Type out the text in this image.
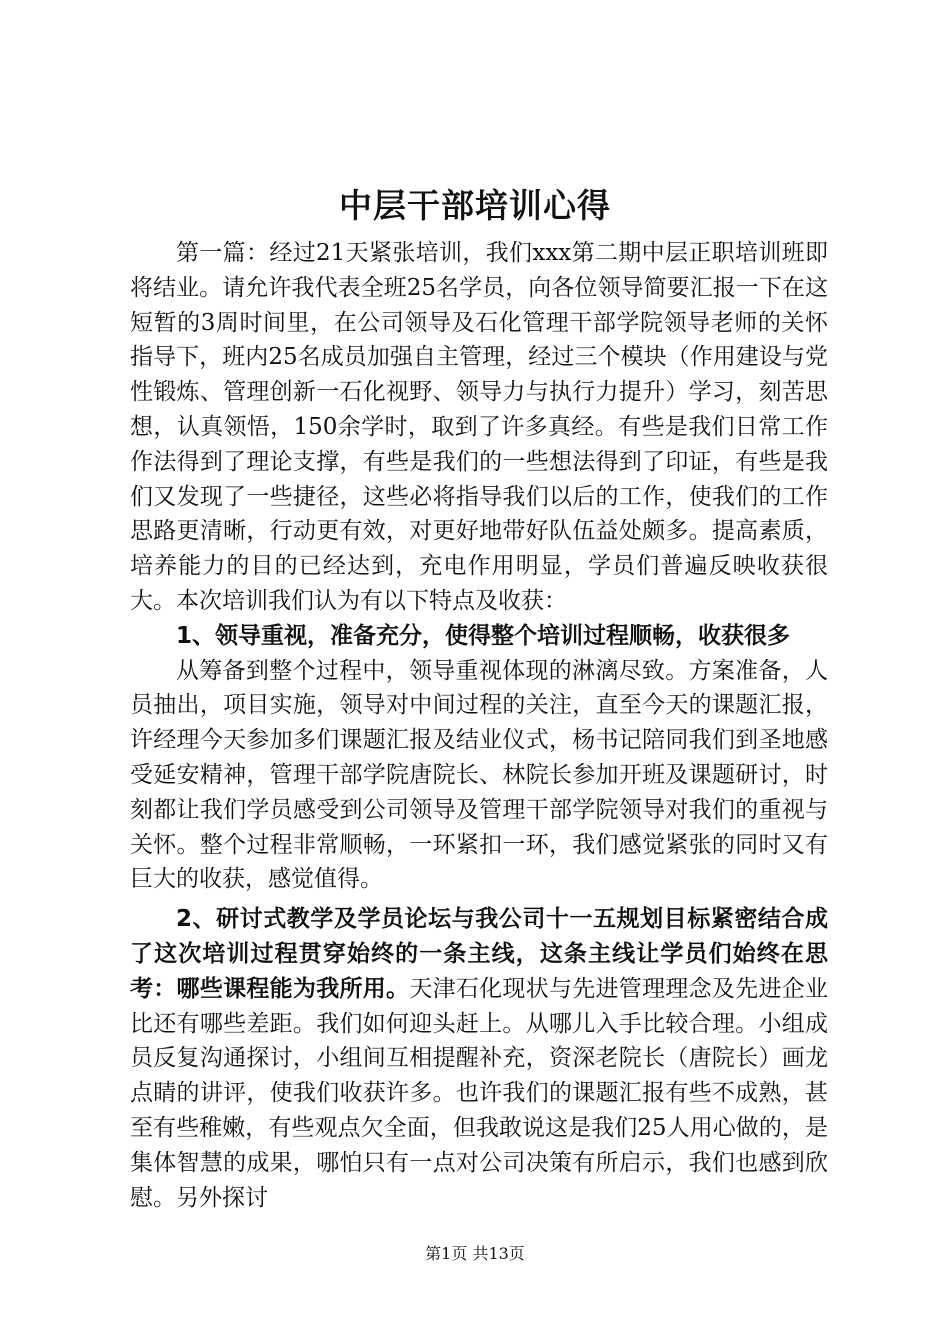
中层干部培训心得

第一篇：经过21天紧张培训，我们xxx第二期中层正职培训班即将结业。请允许我代表全班25名学员，向各位领导简要汇报一下在这短暂的3周时间里，在公司领导及石化管理干部学院领导老师的关怀指导下，班内25名成员加强自主管理，经过三个模块（作用建设与党性锻炼、管理创新一石化视野、领导力与执行力提升）学习，刻苦思想，认真领悟，150余学时，取到了许多真经。有些是我们日常工作作法得到了理论支撑，有些是我们的一些想法得到了印证，有些是我们又发现了一些捷径，这些必将指导我们以后的工作，使我们的工作思路更清晰，行动更有效，对更好地带好队伍益处颇多。提高素质，培养能力的目的已经达到，充电作用明显，学员们普遍反映收获很大。本次培训我们认为有以下特点及收获：

1、领导重视，准备充分，使得整个培训过程顺畅，收获很多

从筹备到整个过程中，领导重视体现的淋漓尽致。方案准备，人员抽出，项目实施，领导对中间过程的关注，直至今天的课题汇报，许经理今天参加多们课题汇报及结业仪式，杨书记陪同我们到圣地感受延安精神，管理干部学院唐院长、林院长参加开班及课题研讨，时刻都让我们学员感受到公司领导及管理干部学院领导对我们的重视与关怀。整个过程非常顺畅，一环紧扣一环，我们感觉紧张的同时又有巨大的收获，感觉值得。

2、研讨式教学及学员论坛与我公司十一五规划目标紧密结合成了这次培训过程贯穿始终的一条主线，这条主线让学员们始终在思考：哪些课程能为我所用。天津石化现状与先进管理理念及先进企业比还有哪些差距。我们如何迎头赶上。从哪儿入手比较合理。小组成员反复沟通探讨，小组间互相提醒补充，资深老院长（唐院长）画龙点睛的讲评，使我们收获许多。也许我们的课题汇报有些不成熟，甚至有些稚嫩，有些观点欠全面，但我敢说这是我们25人用心做的，是集体智慧的成果，哪怕只有一点对公司决策有所启示，我们也感到欣慰。另外探讨

第1页 共13页
